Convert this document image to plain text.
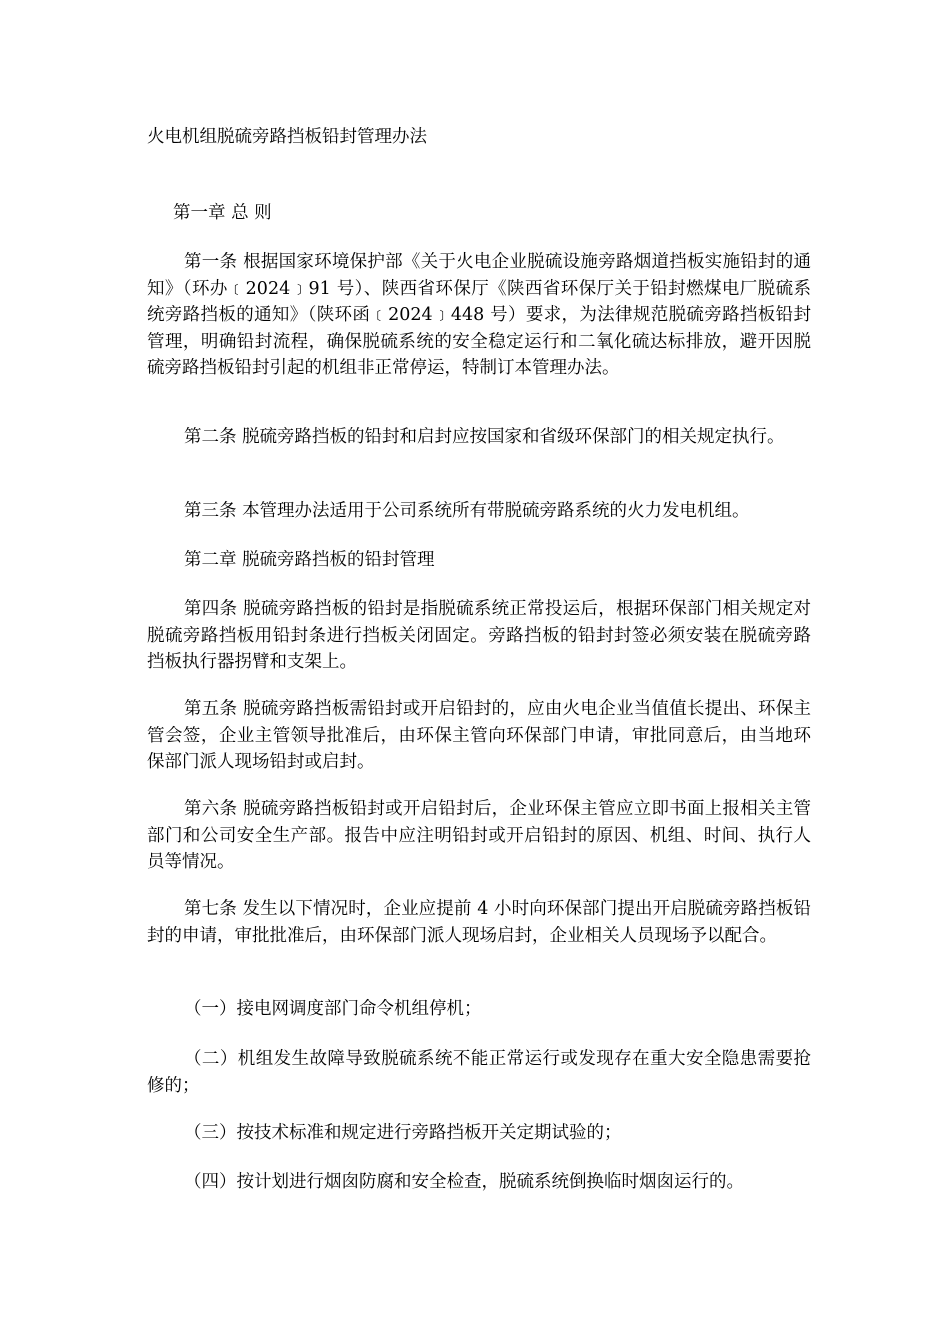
火电机组脱硫旁路挡板铅封管理办法

第一章 总 则

第一条 根据国家环境保护部《关于火电企业脱硫设施旁路烟道挡板实施铅封的通知》（环办﹝2024﹞91 号）、陕西省环保厅《陕西省环保厅关于铅封燃煤电厂脱硫系统旁路挡板的通知》（陕环函﹝2024﹞448 号）要求，为法律规范脱硫旁路挡板铅封管理，明确铅封流程，确保脱硫系统的安全稳定运行和二氧化硫达标排放，避开因脱硫旁路挡板铅封引起的机组非正常停运，特制订本管理办法。

第二条 脱硫旁路挡板的铅封和启封应按国家和省级环保部门的相关规定执行。

第三条 本管理办法适用于公司系统所有带脱硫旁路系统的火力发电机组。

第二章 脱硫旁路挡板的铅封管理

第四条 脱硫旁路挡板的铅封是指脱硫系统正常投运后，根据环保部门相关规定对脱硫旁路挡板用铅封条进行挡板关闭固定。旁路挡板的铅封封签必须安装在脱硫旁路挡板执行器拐臂和支架上。

第五条 脱硫旁路挡板需铅封或开启铅封的，应由火电企业当值值长提出、环保主管会签，企业主管领导批准后，由环保主管向环保部门申请，审批同意后，由当地环保部门派人现场铅封或启封。

第六条 脱硫旁路挡板铅封或开启铅封后，企业环保主管应立即书面上报相关主管部门和公司安全生产部。报告中应注明铅封或开启铅封的原因、机组、时间、执行人员等情况。

第七条 发生以下情况时，企业应提前 4 小时向环保部门提出开启脱硫旁路挡板铅封的申请，审批批准后，由环保部门派人现场启封，企业相关人员现场予以配合。

（一）接电网调度部门命令机组停机；

（二）机组发生故障导致脱硫系统不能正常运行或发现存在重大安全隐患需要抢修的；

（三）按技术标准和规定进行旁路挡板开关定期试验的；

（四）按计划进行烟囱防腐和安全检查，脱硫系统倒换临时烟囱运行的。
